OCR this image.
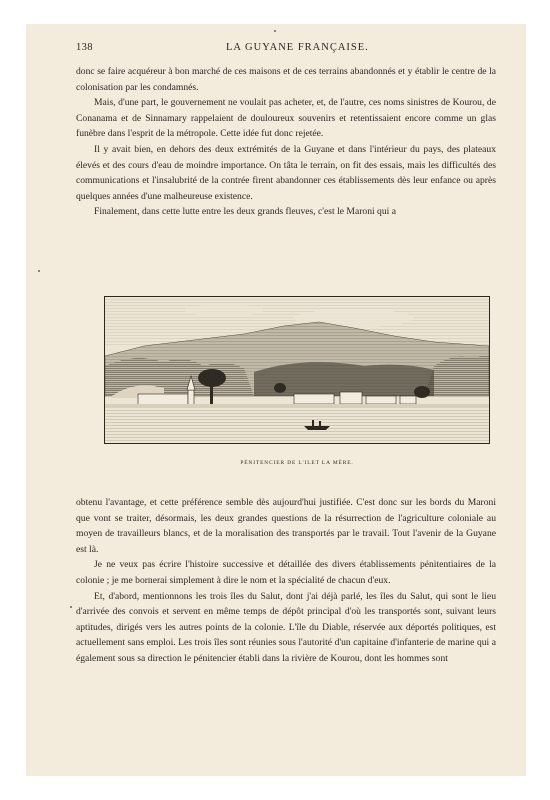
138	LA GUYANE FRANÇAISE.

donc se faire acquéreur à bon marché de ces maisons et de ces terrains abandonnés et y établir le centre de la colonisation par les condamnés.

Mais, d'une part, le gouvernement ne voulait pas acheter, et, de l'autre, ces noms sinistres de Kourou, de Conanama et de Sinnamary rappelaient de douloureux souvenirs et retentissaient encore comme un glas funèbre dans l'esprit de la métropole. Cette idée fut donc rejetée.

Il y avait bien, en dehors des deux extrémités de la Guyane et dans l'intérieur du pays, des plateaux élevés et des cours d'eau de moindre importance. On tâta le terrain, on fit des essais, mais les difficultés des communications et l'insalubrité de la contrée firent abandonner ces établissements dès leur enfance ou après quelques années d'une malheureuse existence.

Finalement, dans cette lutte entre les deux grands fleuves, c'est le Maroni qui a

PÉNITENCIER DE L'ILET LA MÈRE.

obtenu l'avantage, et cette préférence semble dès aujourd'hui justifiée. C'est donc sur les bords du Maroni que vont se traiter, désormais, les deux grandes questions de la résurrection de l'agriculture coloniale au moyen de travailleurs blancs, et de la moralisation des transportés par le travail. Tout l'avenir de la Guyane est là.

Je ne veux pas écrire l'histoire successive et détaillée des divers établissements pénitentiaires de la colonie ; je me bornerai simplement à dire le nom et la spécialité de chacun d'eux.

Et, d'abord, mentionnons les trois îles du Salut, dont j'ai déjà parlé, les îles du Salut, qui sont le lieu d'arrivée des convois et servent en même temps de dépôt principal d'où les transportés sont, suivant leurs aptitudes, dirigés vers les autres points de la colonie. L'île du Diable, réservée aux déportés politiques, est actuellement sans emploi. Les trois îles sont réunies sous l'autorité d'un capitaine d'infanterie de marine qui a également sous sa direction le pénitencier établi dans la rivière de Kourou, dont les hommes sont
